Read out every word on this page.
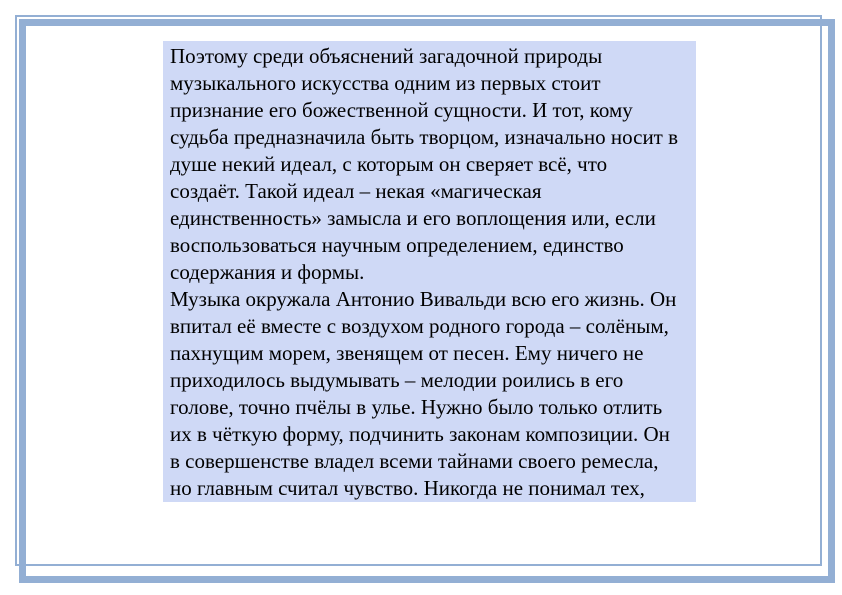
Поэтому среди объяснений загадочной природы
музыкального искусства одним из первых стоит
признание его божественной сущности. И тот, кому
судьба предназначила быть творцом, изначально носит в
душе некий идеал, с которым он сверяет всё, что
создаёт. Такой идеал – некая «магическая
единственность» замысла и его воплощения или, если
воспользоваться научным определением, единство
содержания и формы.

Музыка окружала Антонио Вивальди всю его жизнь. Он
впитал её вместе с воздухом родного города – солёным,
пахнущим морем, звенящем от песен. Ему ничего не
приходилось выдумывать – мелодии роились в его
голове, точно пчёлы в улье. Нужно было только отлить
их в чёткую форму, подчинить законам композиции. Он
в совершенстве владел всеми тайнами своего ремесла,
но главным считал чувство. Никогда не понимал тех,
